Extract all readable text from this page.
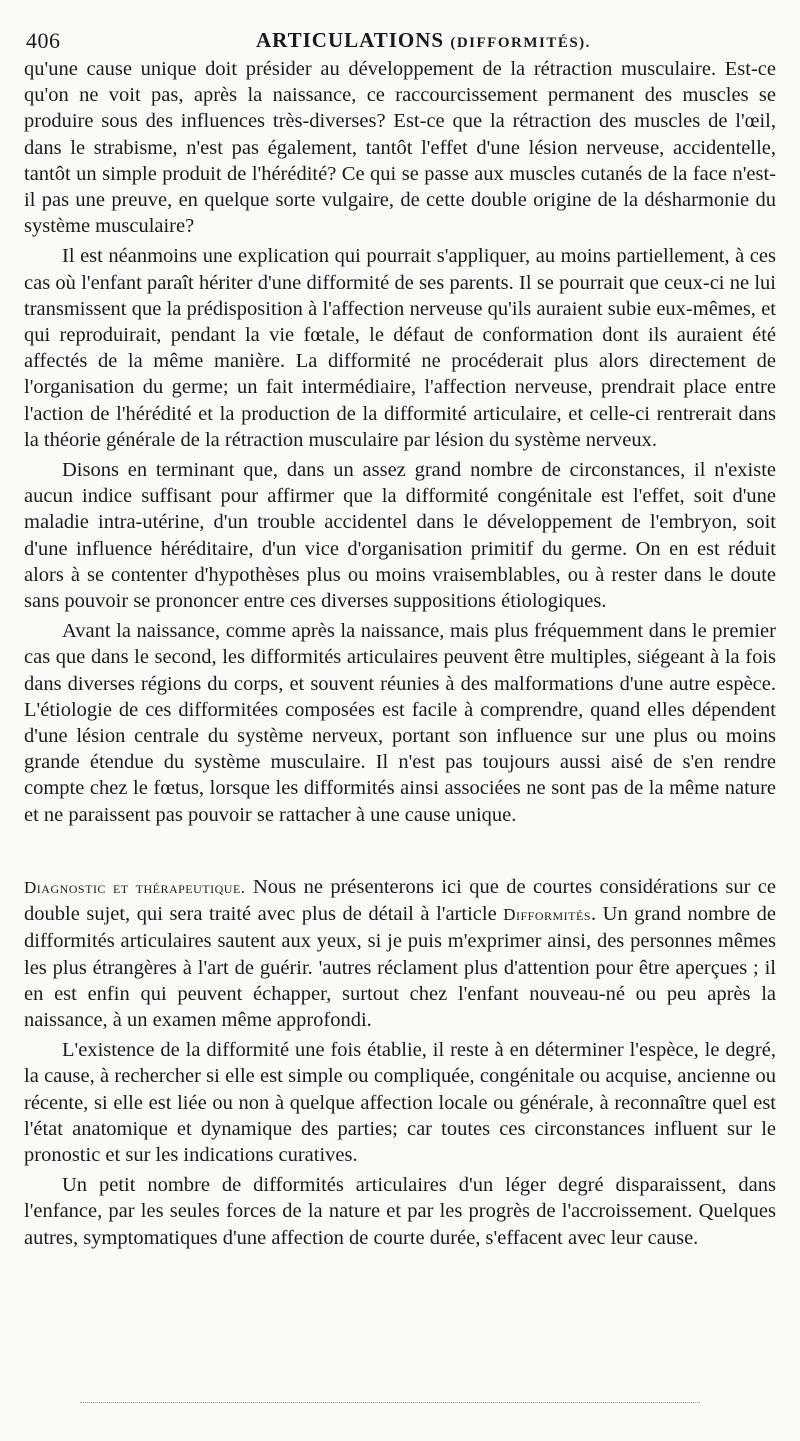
406	ARTICULATIONS (DIFFORMITÉS).

qu'une cause unique doit présider au développement de la rétraction musculaire. Est-ce qu'on ne voit pas, après la naissance, ce raccourcissement permanent des muscles se produire sous des influences très-diverses? Est-ce que la rétraction des muscles de l'œil, dans le strabisme, n'est pas également, tantôt l'effet d'une lésion nerveuse, accidentelle, tantôt un simple produit de l'hérédité? Ce qui se passe aux muscles cutanés de la face n'est-il pas une preuve, en quelque sorte vulgaire, de cette double origine de la désharmonie du système musculaire?

Il est néanmoins une explication qui pourrait s'appliquer, au moins partiellement, à ces cas où l'enfant paraît hériter d'une difformité de ses parents. Il se pourrait que ceux-ci ne lui transmissent que la prédisposition à l'affection nerveuse qu'ils auraient subie eux-mêmes, et qui reproduirait, pendant la vie fœtale, le défaut de conformation dont ils auraient été affectés de la même manière. La difformité ne procéderait plus alors directement de l'organisation du germe; un fait intermédiaire, l'affection nerveuse, prendrait place entre l'action de l'hérédité et la production de la difformité articulaire, et celle-ci rentrerait dans la théorie générale de la rétraction musculaire par lésion du système nerveux.

Disons en terminant que, dans un assez grand nombre de circonstances, il n'existe aucun indice suffisant pour affirmer que la difformité congénitale est l'effet, soit d'une maladie intra-utérine, d'un trouble accidentel dans le développement de l'embryon, soit d'une influence héréditaire, d'un vice d'organisation primitif du germe. On en est réduit alors à se contenter d'hypothèses plus ou moins vraisemblables, ou à rester dans le doute sans pouvoir se prononcer entre ces diverses suppositions étiologiques.

Avant la naissance, comme après la naissance, mais plus fréquemment dans le premier cas que dans le second, les difformités articulaires peuvent être multiples, siégeant à la fois dans diverses régions du corps, et souvent réunies à des malformations d'une autre espèce. L'étiologie de ces difformitées composées est facile à comprendre, quand elles dépendent d'une lésion centrale du système nerveux, portant son influence sur une plus ou moins grande étendue du système musculaire. Il n'est pas toujours aussi aisé de s'en rendre compte chez le fœtus, lorsque les difformités ainsi associées ne sont pas de la même nature et ne paraissent pas pouvoir se rattacher à une cause unique.

Diagnostic et thérapeutique. Nous ne présenterons ici que de courtes considérations sur ce double sujet, qui sera traité avec plus de détail à l'article Difformités. Un grand nombre de difformités articulaires sautent aux yeux, si je puis m'exprimer ainsi, des personnes mêmes les plus étrangères à l'art de guérir. 'autres réclament plus d'attention pour être aperçues ; il en est enfin qui peuvent échapper, surtout chez l'enfant nouveau-né ou peu après la naissance, à un examen même approfondi.

L'existence de la difformité une fois établie, il reste à en déterminer l'espèce, le degré, la cause, à rechercher si elle est simple ou compliquée, congénitale ou acquise, ancienne ou récente, si elle est liée ou non à quelque affection locale ou générale, à reconnaître quel est l'état anatomique et dynamique des parties; car toutes ces circonstances influent sur le pronostic et sur les indications curatives.

Un petit nombre de difformités articulaires d'un léger degré disparaissent, dans l'enfance, par les seules forces de la nature et par les progrès de l'accroissement. Quelques autres, symptomatiques d'une affection de courte durée, s'effacent avec leur cause.
